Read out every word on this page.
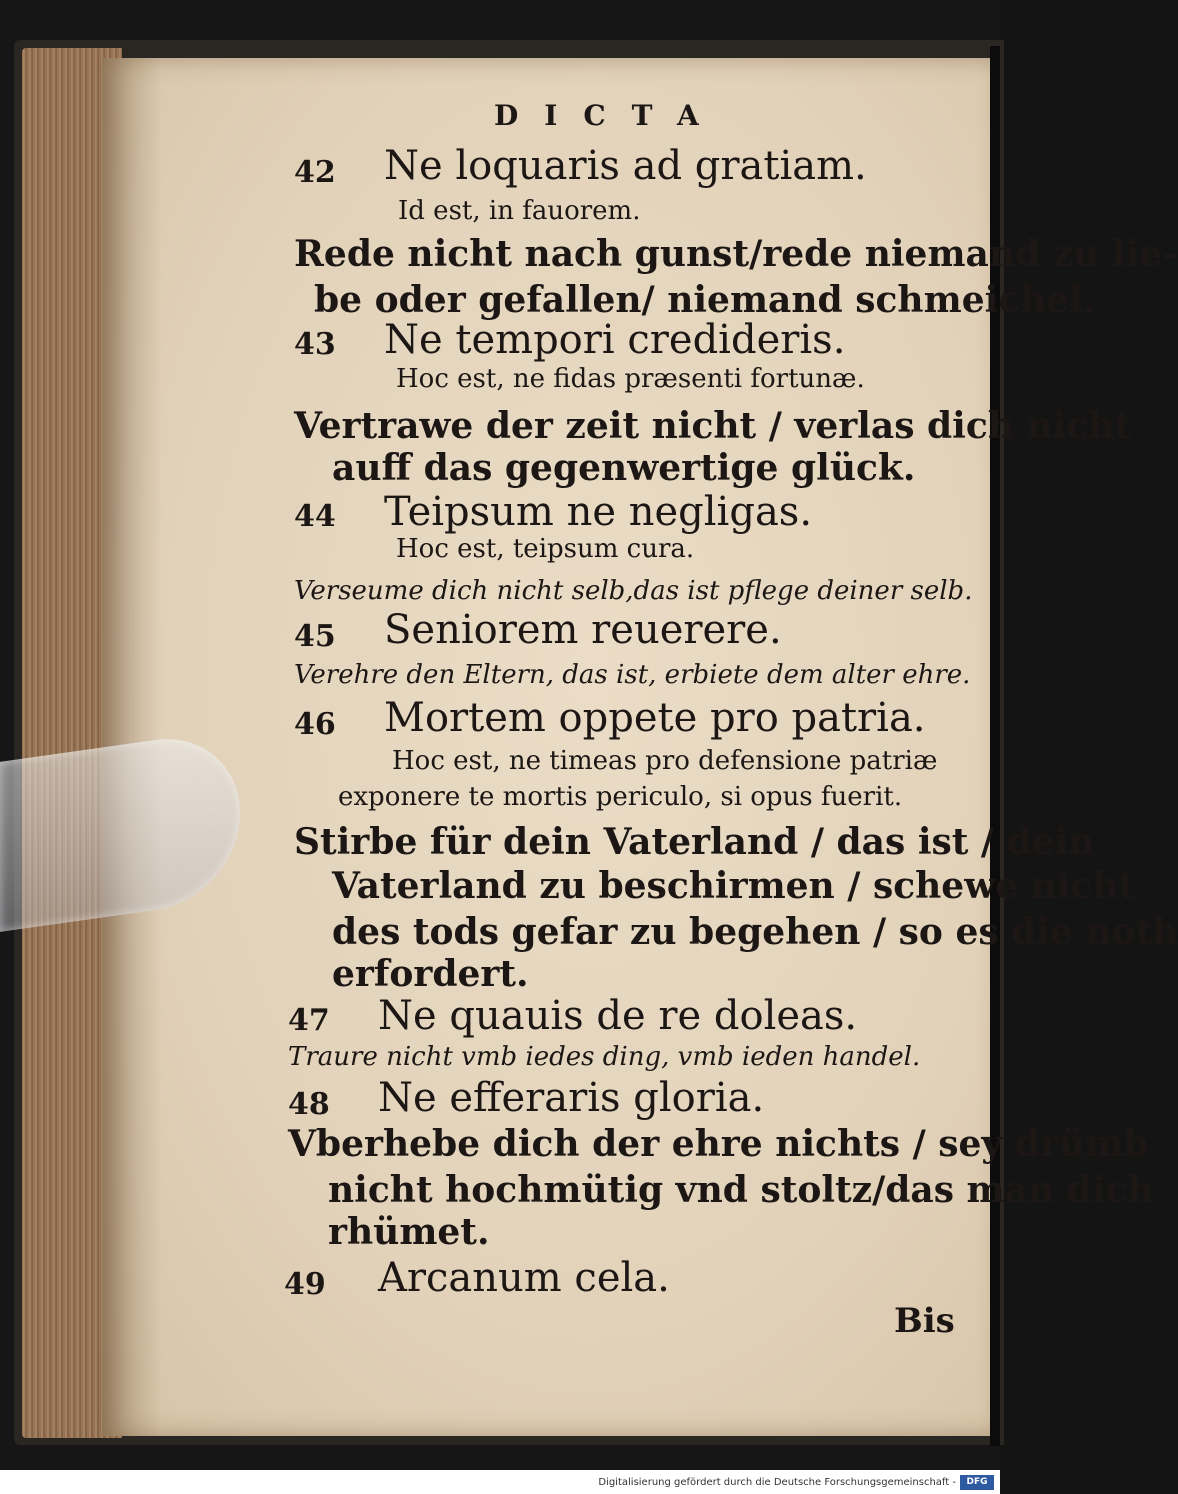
DICTA
42 Ne loquaris ad gratiam.
Id est, in fauorem.
Rede nicht nach gunst/rede niemand zu lie-
be oder gefallen/ niemand schmeichel.
43 Ne tempori credideris.
Hoc est, ne fidas præsenti fortunæ.
Vertrawe der zeit nicht / verlas dich nicht
auff das gegenwertige glück.
44 Teipsum ne negligas.
Hoc est, teipsum cura.
Verseume dich nicht selb,das ist pflege deiner selb.
45 Seniorem reuerere.
Verehre den Eltern, das ist, erbiete dem alter ehre.
46 Mortem oppete pro patria.
Hoc est, ne timeas pro defensione patriæ
exponere te mortis periculo, si opus fuerit.
Stirbe für dein Vaterland / das ist / dein
Vaterland zu beschirmen / schewe nicht
des tods gefar zu begehen / so es die noth
erfordert.
47 Ne quauis de re doleas.
Traure nicht vmb iedes ding, vmb ieden handel.
48 Ne efferaris gloria.
Vberhebe dich der ehre nichts / sey drümb
nicht hochmütig vnd stoltz/das man dich
rhümet.
49 Arcanum cela.
Bis
Digitalisierung gefördert durch die Deutsche Forschungsgemeinschaft -	DFG
